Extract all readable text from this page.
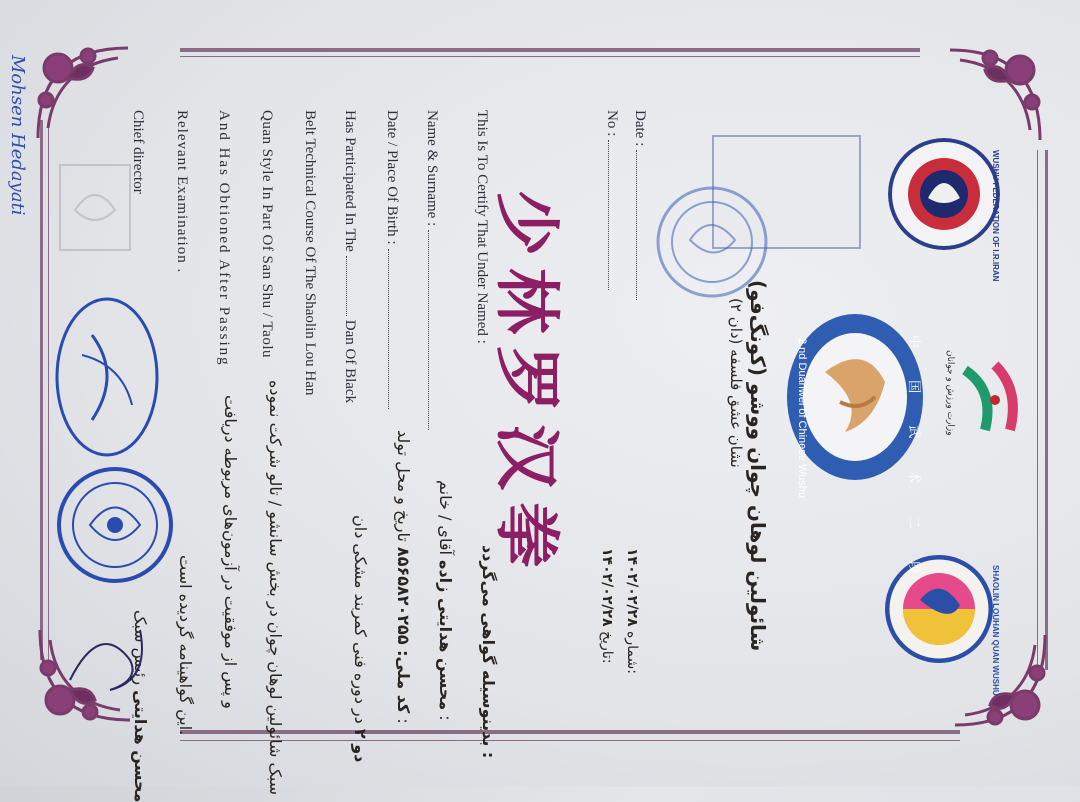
WUSHU FEDERATION OF I.R.IRAN
وزارت ورزش و جوانان
SHAOLIN LOUHAN QUAN WUSHU
中 国 武 术 二 段
2 nd Duanwei of Chinese Wushu
شائولین لوهان چوان ووشو (کونگ‌فو)
نشان عشق فلسفه (دان ۲)
Date :
No :
۱۴۰۲/۰۲/۲۸ شماره:
۱۴۰۲/۰۲/۲۸ تاریخ:
少林罗汉拳
This Is To Certify That Under Named :
Name & Surname :
Date / Place Of Birth :
Has Participated In TheDan Of Black
Belt Technical Course Of The Shaolin Lou Han
Quan Style In Part Of San Shu / Taolu
And Has Obtioned After Passing
Relevant Examination .
Chief director
بدینوسیله گواهی می‌گردد :
محسن هدایتی زاده آقای / خانم :
کد ملی: ۸۵۶۵۸۲۰۲۵۵ تاریخ و محل تولد :
دو ۲ در دوره فنی کمربند مشکی دان
سبک شائولین لوهان چوان در بخش سانشو / تالو شرکت نموده
و پس از موفقیت در آزمون‌های مربوطه دریافت
این گواهینامه گردیده است.
محسن هدایتی رئیس سبک
Mohsen Hedayati
